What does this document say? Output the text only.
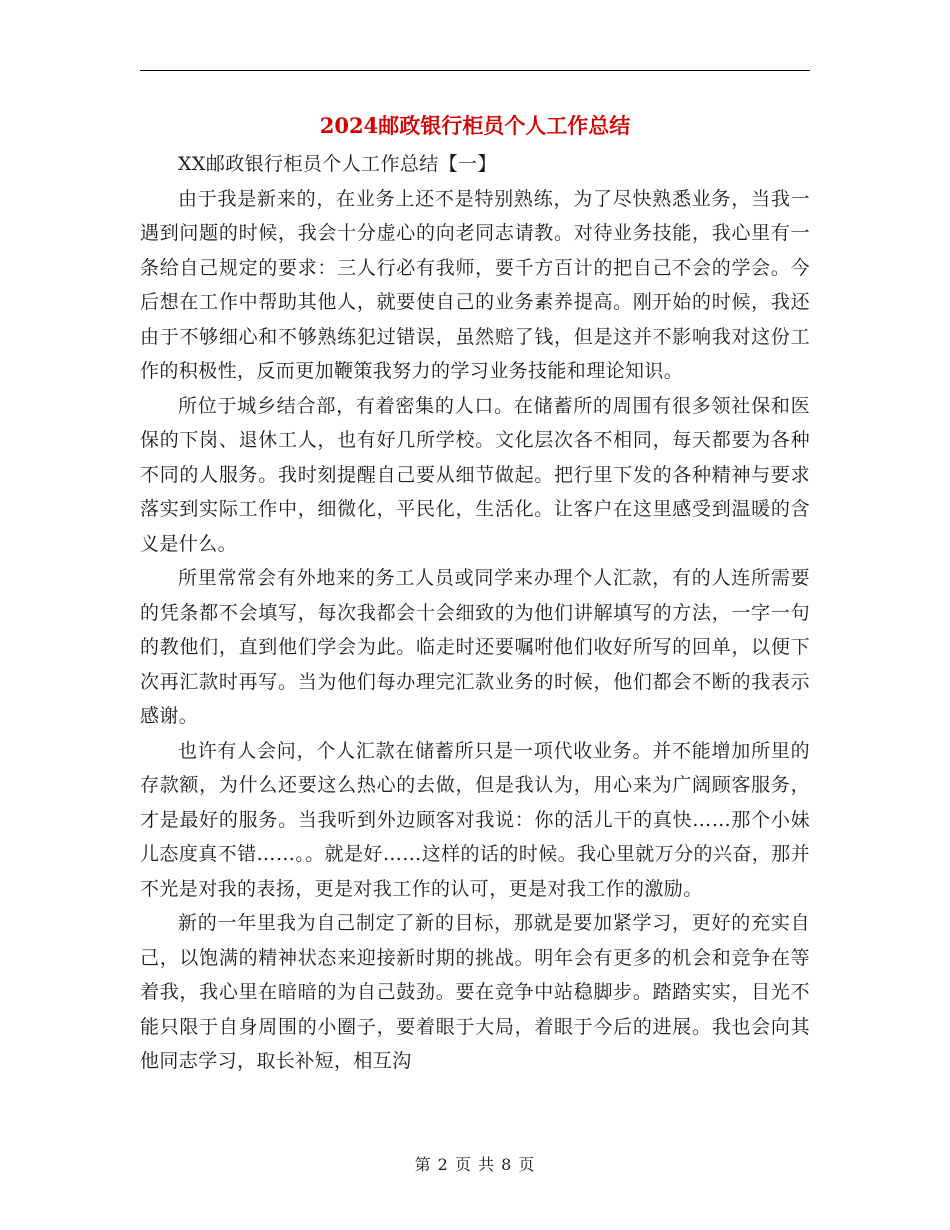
2024邮政银行柜员个人工作总结

XX邮政银行柜员个人工作总结【一】

由于我是新来的，在业务上还不是特别熟练，为了尽快熟悉业务，当我一遇到问题的时候，我会十分虚心的向老同志请教。对待业务技能，我心里有一条给自己规定的要求：三人行必有我师，要千方百计的把自己不会的学会。今后想在工作中帮助其他人，就要使自己的业务素养提高。刚开始的时候，我还由于不够细心和不够熟练犯过错误，虽然赔了钱，但是这并不影响我对这份工作的积极性，反而更加鞭策我努力的学习业务技能和理论知识。

所位于城乡结合部，有着密集的人口。在储蓄所的周围有很多领社保和医保的下岗、退休工人，也有好几所学校。文化层次各不相同，每天都要为各种不同的人服务。我时刻提醒自己要从细节做起。把行里下发的各种精神与要求落实到实际工作中，细微化，平民化，生活化。让客户在这里感受到温暖的含义是什么。

所里常常会有外地来的务工人员或同学来办理个人汇款，有的人连所需要的凭条都不会填写，每次我都会十会细致的为他们讲解填写的方法，一字一句的教他们，直到他们学会为此。临走时还要嘱咐他们收好所写的回单，以便下次再汇款时再写。当为他们每办理完汇款业务的时候，他们都会不断的我表示感谢。

也许有人会问，个人汇款在储蓄所只是一项代收业务。并不能增加所里的存款额，为什么还要这么热心的去做，但是我认为，用心来为广阔顾客服务，才是最好的服务。当我听到外边顾客对我说：你的活儿干的真快……那个小妹儿态度真不错……。。就是好……这样的话的时候。我心里就万分的兴奋，那并不光是对我的表扬，更是对我工作的认可，更是对我工作的激励。

新的一年里我为自己制定了新的目标，那就是要加紧学习，更好的充实自己，以饱满的精神状态来迎接新时期的挑战。明年会有更多的机会和竞争在等着我，我心里在暗暗的为自己鼓劲。要在竞争中站稳脚步。踏踏实实，目光不能只限于自身周围的小圈子，要着眼于大局，着眼于今后的进展。我也会向其他同志学习，取长补短，相互沟

第 2 页 共 8 页
